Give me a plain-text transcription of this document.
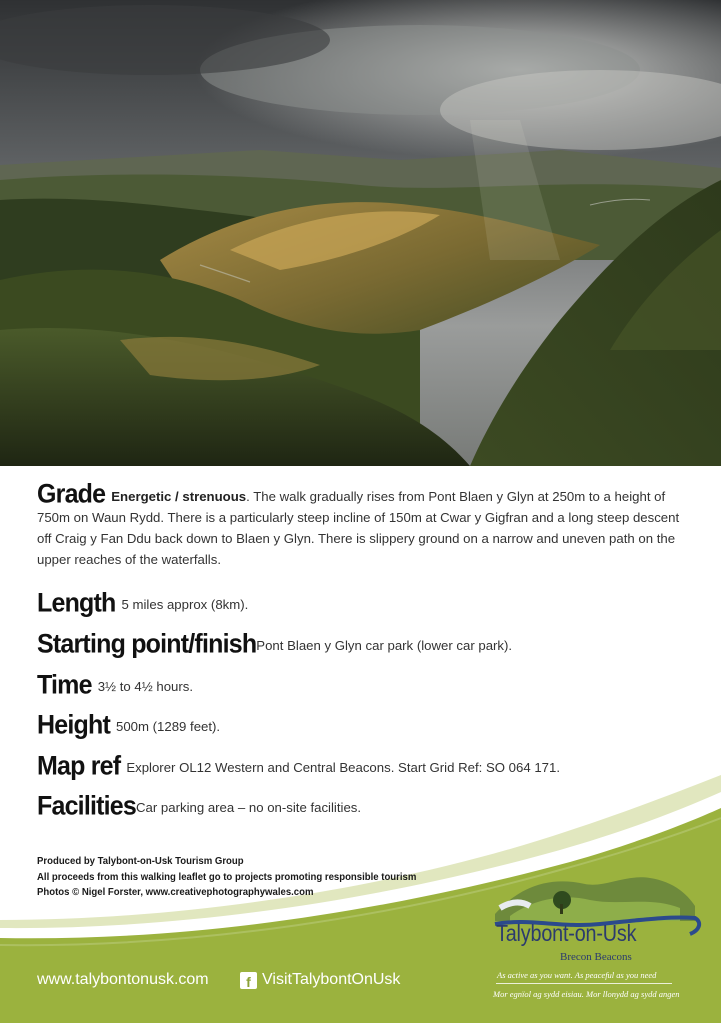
Grade Energetic / strenuous. The walk gradually rises from Pont Blaen y Glyn at 250m to a height of 750m on Waun Rydd. There is a particularly steep incline of 150m at Cwar y Gigfran and a long steep descent off Craig y Fan Ddu back down to Blaen y Glyn. There is slippery ground on a narrow and uneven path on the upper reaches of the waterfalls.

Length 5 miles approx (8km).
Starting point/finishPont Blaen y Glyn car park (lower car park).
Time 3½ to 4½ hours.
Height 500m (1289 feet).
Map ref Explorer OL12 Western and Central Beacons. Start Grid Ref: SO 064 171.
FacilitiesCar parking area – no on-site facilities.
Produced by Talybont-on-Usk Tourism Group
All proceeds from this walking leaflet go to projects promoting responsible tourism
Photos © Nigel Forster, www.creativephotographywales.com
Talybont-on-Usk
Brecon Beacons
As active as you want. As peaceful as you need
Mor egnïol ag sydd eisiau. Mor llonydd ag sydd angen
www.talybontonusk.com	f VisitTalybontOnUsk
